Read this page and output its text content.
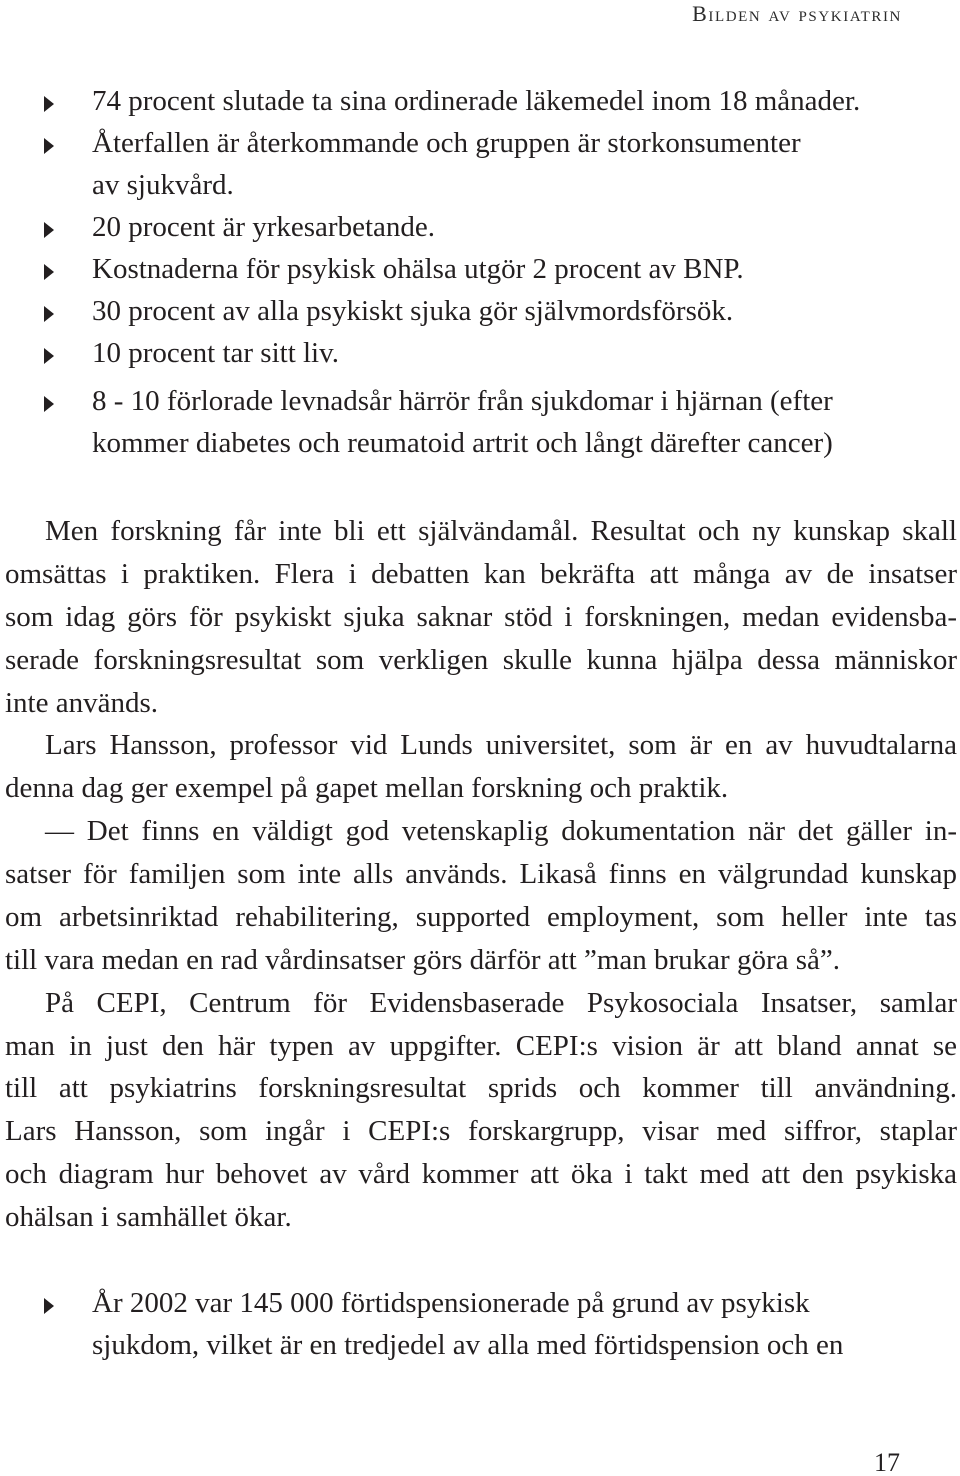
Bilden av psykiatrin
74 procent slutade ta sina ordinerade läkemedel inom 18 månader.
Återfallen är återkommande och gruppen är storkonsumenter
av sjukvård.
20 procent är yrkesarbetande.
Kostnaderna för psykisk ohälsa utgör 2 procent av BNP.
30 procent av alla psykiskt sjuka gör självmordsförsök.
10 procent tar sitt liv.
8 - 10 förlorade levnadsår härrör från sjukdomar i hjärnan (efter
kommer diabetes och reumatoid artrit och långt därefter cancer)
Men forskning får inte bli ett självändamål. Resultat och ny kunskap skall
omsättas i praktiken. Flera i debatten kan bekräfta att många av de insatser
som idag görs för psykiskt sjuka saknar stöd i forskningen, medan evidensba-
serade forskningsresultat som verkligen skulle kunna hjälpa dessa människor
inte används.
Lars Hansson, professor vid Lunds universitet, som är en av huvudtalarna
denna dag ger exempel på gapet mellan forskning och praktik.
— Det finns en väldigt god vetenskaplig dokumentation när det gäller in-
satser för familjen som inte alls används. Likaså finns en välgrundad kunskap
om arbetsinriktad rehabilitering, supported employment, som heller inte tas
till vara medan en rad vårdinsatser görs därför att ”man brukar göra så”.
På CEPI, Centrum för Evidensbaserade Psykosociala Insatser, samlar
man in just den här typen av uppgifter. CEPI:s vision är att bland annat se
till att psykiatrins forskningsresultat sprids och kommer till användning.
Lars Hansson, som ingår i CEPI:s forskargrupp, visar med siffror, staplar
och diagram hur behovet av vård kommer att öka i takt med att den psykiska
ohälsan i samhället ökar.
År 2002 var 145 000 förtidspensionerade på grund av psykisk
sjukdom, vilket är en tredjedel av alla med förtidspension och en
17
